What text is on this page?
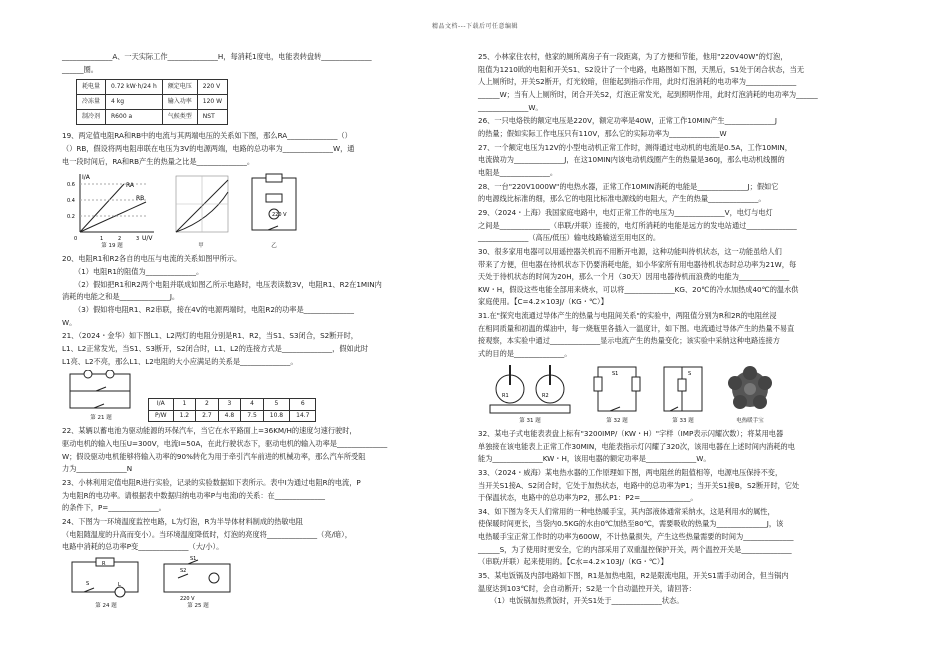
精品文档---下载后可任意编辑

______________A、一天实际工作______________H，每消耗1度电，电能表转盘转______________

______圈。

耗电量	0.72 kW·h/24 h	额定电压	220 V
冷冻量	4 kg	输入功率	120 W
制冷剂	R600 a	气候类型	NST

19、两定值电阻RA和RB中的电流与其两端电压的关系如下图，那么RA______________（）

（）RB，假设将两电阻串联在电压为3V的电源两端，电路的总功率为______________W，通

电一段时间后，RA和RB产生的热量之比是______________。

I/A
U/V
RA
RB
0.6
0.4
0.2
0	1	2	3
第 19 题	甲
220 V
乙

20、电阻R1和R2各自的电压与电流的关系如图甲所示。

（1）电阻R1的阻值为______________。

（2）假如把R1和R2两个电阻并联成如图乙所示电路时，电压表读数3V，电阻R1、R2在1MIN内

消耗的电能之和是______________J。

（3）假如将电阻R1、R2串联，接在4V的电源两端时，电阻R2的功率是______________

W。

21、（2024・金华）如下图L1、L2两灯的电阻分别是R1、R2，当S1、S3闭合，S2断开时，

L1、L2正常发光，当S1、S3断开，S2闭合时，L1、L2的连接方式是______________，假如此时

L1亮、L2不亮，那么L1、L2电阻的大小应满足的关系是______________。

第 21 题
I/A	1	2	3	4	5	6
P/W	1.2	2.7	4.8	7.5	10.8	14.7

22、某辆以蓄电池为驱动能源的环保汽车，当它在水平路面上=36KM/H的速度匀速行驶时，

驱动电机的输入电压U=300V，电流I=50A，在此行驶状态下，驱动电机的输入功率是______________

W；假设驱动电机能够将输入功率的90%转化为用于牵引汽车前进的机械功率，那么汽车所受阻

力为______________N

23、小林利用定值电阻R进行实验，记录的实验数据如下表所示。表中I为通过电阻R的电流，P

为电阻R的电功率。请根据表中数据归纳电功率P与电流I的关系：在______________

的条件下，P=______________。

24、下图为一环境温度监控电路，L为灯泡，R为半导体材料制成的热敏电阻

（电阻随温度的升高而变小）。当环境温度降低时，灯泡的亮度将______________（亮/暗），

电路中消耗的总功率P变______________（大/小）。

R
L
S
第 24 题
S1
S2
220 V
第 25 题

25、小林家住农村，他家的厕所离房子有一段距离，为了方便和节能，他用"220V40W"的灯泡，

阻值为1210欧的电阻和开关S1、S2设计了一个电路，电路图如下图，天黑后，S1处于闭合状态，当无

人上厕所时，开关S2断开，灯光较暗，但能起到指示作用，此时灯泡消耗的电功率为______________

______W；当有人上厕所时，闭合开关S2，灯泡正常发光，起到照明作用，此时灯泡消耗的电功率为______

______________W。

26、一只电烙铁的额定电压是220V，额定功率是40W，正常工作10MIN产生______________J

的热量；假如实际工作电压只有110V，那么它的实际功率为______________W

27、一个额定电压为12V的小型电动机正常工作时，测得通过电动机的电流是0.5A，工作10MIN，

电流做功为______________J，在这10MIN内该电动机线圈产生的热量是360J，那么电动机线圈的

电阻是______________。

28、一台"220V1000W"的电热水器，正常工作10MIN消耗的电能是______________J；假如它

的电源线比标准的细，那么它的电阻比标准电源线的电阻大，产生的热量______________。

29、（2024・上海）我国家庭电路中，电灯正常工作的电压为______________V，电灯与电灯

之间是______________（串联/并联）连接的，电灯所消耗的电能是远方的发电站通过______________

______________（高压/低压）输电线路输送至用电区的。

30、很多家用电器可以用遥控器关机而不用断开电源，这种功能叫待机状态，这一功能虽给人们

带来了方便，但电器在待机状态下仍要消耗电能，如小华家所有用电器待机状态时总功率为21W，每

天处于待机状态的时间为20H，那么一个月（30天）因用电器待机而浪费的电能为______________

KW・H，假设这些电能全部用来烧水，可以将______________KG、20℃的冷水加热成40℃的温水供

家庭使用。【C=4.2×103J/（KG・℃）】

31.在"探究电流通过导体产生的热量与电阻间关系"的实验中，两阻值分别为R和2R的电阻丝浸

在相同质量和初温的煤油中，每一烧瓶里各插入一温度计，如下图。电流通过导体产生的热量不易直

接观察，本实验中通过______________显示电流产生的热量变化；该实验中采纳这种电路连接方

式的目的是______________。

R1	R2
第 31 题
S1
第 32 题
S
第 33 题	电热暖手宝

32、某电子式电能表表盘上标有"3200IMP/（KW・H）"字样（IMP表示闪耀次数）；将某用电器

单独接在该电能表上正常工作30MIN，电能表指示灯闪耀了320次，该用电器在上述时间内消耗的电

能为______________KW・H，该用电器的额定功率是______________W。

33、（2024・威海）某电热水器的工作原理如下图，两电阻丝的阻值相等，电源电压保持不变，

当开关S1接A、S2闭合时，它处于加热状态，电路中的总功率为P1；当开关S1接B，S2断开时，它处

于保温状态，电路中的总功率为P2，那么P1：P2=______________。

34、如下图为冬天人们常用的一种电热暖手宝，其内部液体通常采纳水，这是利用水的属性，

使保暖时间更长，当袋内0.5KG的水由0℃加热至80℃，需要吸收的热量为______________J，该

电热暖手宝正常工作时的功率为600W，不计热量损失，产生这些热量需要的时间为______________

______S，为了使用时更安全，它的内部采用了双重温控保护开关，两个温控开关是______________

（串联/并联）起来使用的。【C水=4.2×103J/（KG・℃）】

35、某电饭锅及内部电路如下图，R1是加热电阻，R2是限流电阻，开关S1需手动闭合，但当锅内

温度达到103℃时，会自动断开；S2是一个自动温控开关，请回答：

（1）电饭锅加热煮饭时，开关S1处于______________状态。
